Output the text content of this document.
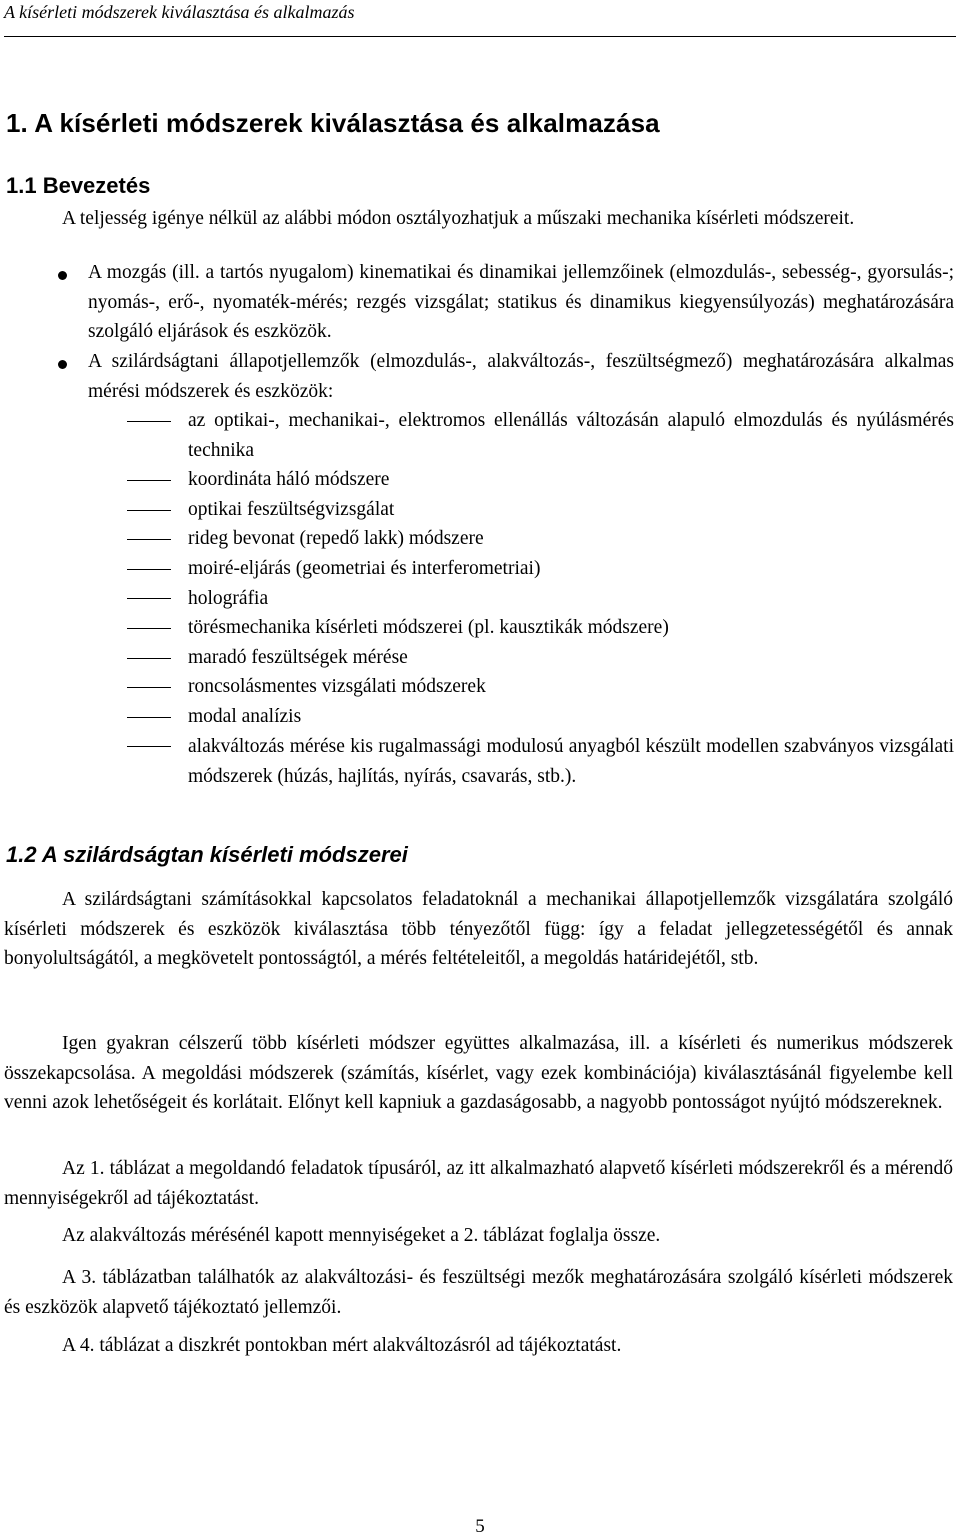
A kísérleti módszerek kiválasztása és alkalmazás
1. A kísérleti módszerek kiválasztása és alkalmazása
1.1 Bevezetés

A teljesség igénye nélkül az alábbi módon osztályozhatjuk a műszaki mechanika kísérleti módszereit.

A mozgás (ill. a tartós nyugalom) kinematikai és dinamikai jellemzőinek (elmozdulás-, sebesség-, gyorsulás-; nyomás-, erő-, nyomaték-mérés; rezgés vizsgálat; statikus és dinamikus kiegyensúlyozás) meghatározására szolgáló eljárások és eszközök.

A szilárdságtani állapotjellemzők (elmozdulás-, alakváltozás-, feszültségmező) meghatározására alkalmas mérési módszerek és eszközök:

az optikai-, mechanikai-, elektromos ellenállás változásán alapuló elmozdulás és nyúlásmérés technika

koordináta háló módszere

optikai feszültségvizsgálat

rideg bevonat (repedő lakk) módszere

moiré-eljárás (geometriai és interferometriai)

holográfia

törésmechanika kísérleti módszerei (pl. kausztikák módszere)

maradó feszültségek mérése

roncsolásmentes vizsgálati módszerek

modal analízis

alakváltozás mérése kis rugalmassági modulosú anyagból készült modellen szabványos vizsgálati módszerek (húzás, hajlítás, nyírás, csavarás, stb.).

1.2 A szilárdságtan kísérleti módszerei

A szilárdságtani számításokkal kapcsolatos feladatoknál a mechanikai állapotjellemzők vizsgálatára szolgáló kísérleti módszerek és eszközök kiválasztása több tényezőtől függ: így a feladat jellegzetességétől és annak bonyolultságától, a megkövetelt pontosságtól, a mérés feltételeitől, a megoldás határidejétől, stb.

Igen gyakran célszerű több kísérleti módszer együttes alkalmazása, ill. a kísérleti és numerikus módszerek összekapcsolása. A megoldási módszerek (számítás, kísérlet, vagy ezek kombinációja) kiválasztásánál figyelembe kell venni azok lehetőségeit és korlátait. Előnyt kell kapniuk a gazdaságosabb, a nagyobb pontosságot nyújtó módszereknek.

Az 1. táblázat a megoldandó feladatok típusáról, az itt alkalmazható alapvető kísérleti módszerekről és a mérendő mennyiségekről ad tájékoztatást.

Az alakváltozás mérésénél kapott mennyiségeket a 2. táblázat foglalja össze.

A 3. táblázatban találhatók az alakváltozási- és feszültségi mezők meghatározására szolgáló kísérleti módszerek és eszközök alapvető tájékoztató jellemzői.

A 4. táblázat a diszkrét pontokban mért alakváltozásról ad tájékoztatást.

5
